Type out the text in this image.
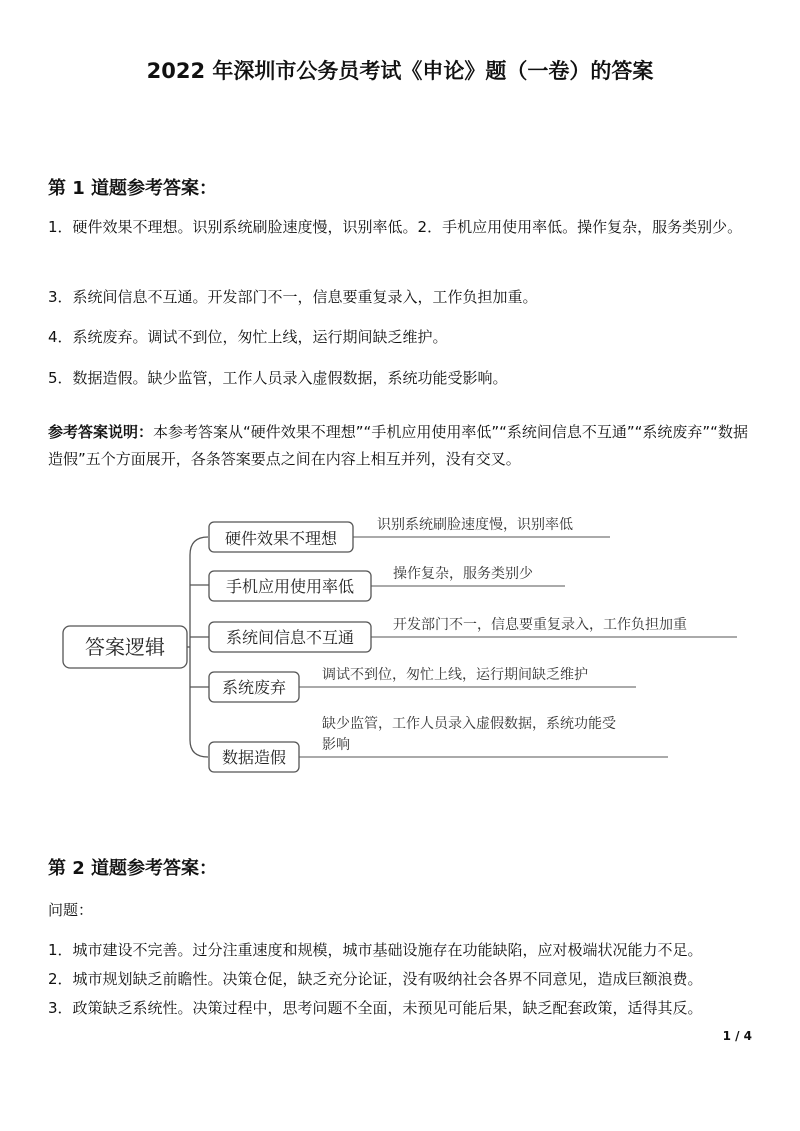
2022 年深圳市公务员考试《申论》题（一卷）的答案
第 1 道题参考答案：

1．硬件效果不理想。识别系统刷脸速度慢，识别率低。2．手机应用使用率低。操作复杂，服务类别少。

3．系统间信息不互通。开发部门不一，信息要重复录入，工作负担加重。

4．系统废弃。调试不到位，匆忙上线，运行期间缺乏维护。

5．数据造假。缺少监管，工作人员录入虚假数据，系统功能受影响。

参考答案说明：本参考答案从“硬件效果不理想”“手机应用使用率低”“系统间信息不互通”“系统废弃”“数据造假”五个方面展开，各条答案要点之间在内容上相互并列，没有交叉。

答案逻辑
硬件效果不理想
识别系统刷脸速度慢，识别率低
手机应用使用率低
操作复杂，服务类别少
系统间信息不互通
开发部门不一，信息要重复录入，工作负担加重
系统废弃
调试不到位，匆忙上线，运行期间缺乏维护
数据造假
缺少监管，工作人员录入虚假数据，系统功能受
影响
第 2 道题参考答案：

问题：

1．城市建设不完善。过分注重速度和规模，城市基础设施存在功能缺陷，应对极端状况能力不足。

2．城市规划缺乏前瞻性。决策仓促，缺乏充分论证，没有吸纳社会各界不同意见，造成巨额浪费。

3．政策缺乏系统性。决策过程中，思考问题不全面，未预见可能后果，缺乏配套政策，适得其反。

1 / 4
